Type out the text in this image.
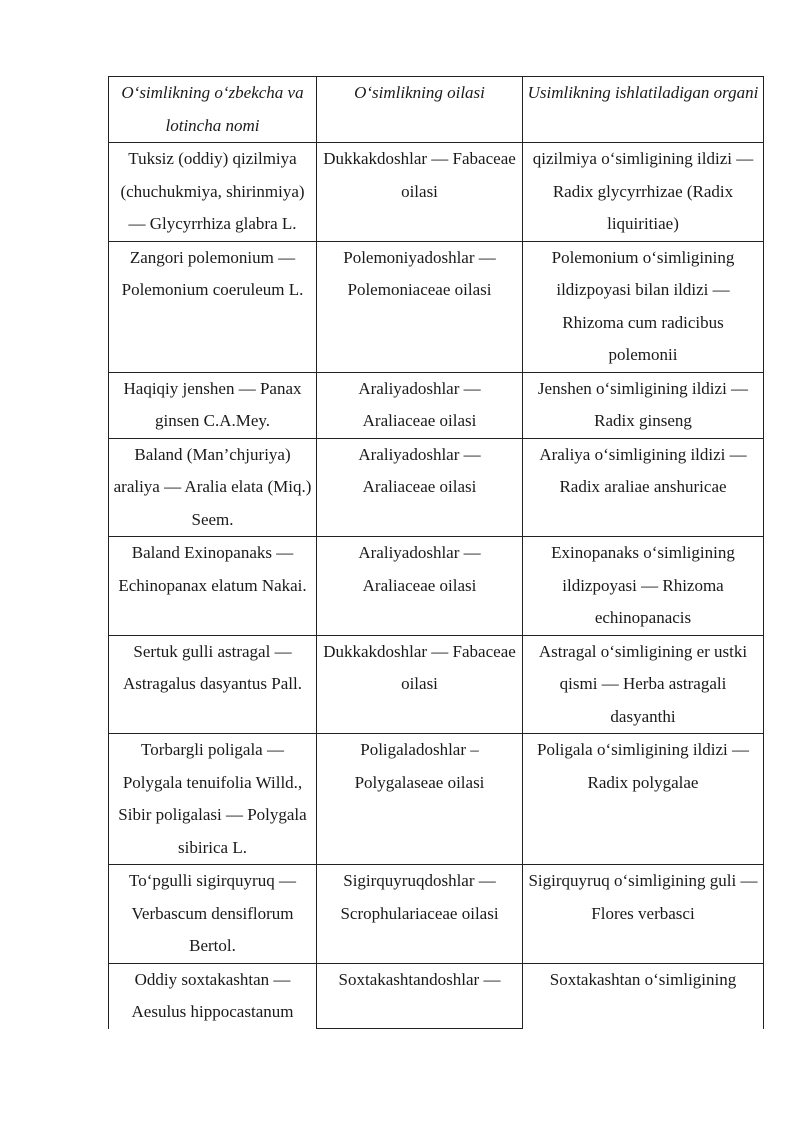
O‘simlikning o‘zbekcha va lotincha nomi	O‘simlikning oilasi	Usimlikning ishlatiladigan organi
Tuksiz (oddiy) qizilmiya (chuchukmiya, shirinmiya) — Glycyrrhiza glabra L.	Dukkakdoshlar — Fabaceae oilasi	qizilmiya o‘simligining ildizi — Radix glycyrrhizae (Radix liquiritiae)
Zangori polemonium — Polemonium coeruleum L.	Polemoniyadoshlar — Polemoniaceae oilasi	Polemonium o‘simligining ildizpoyasi bilan ildizi — Rhizoma cum radicibus polemonii
Haqiqiy jenshen — Panax ginsen C.A.Mey.	Araliyadoshlar — Araliaceae oilasi	Jenshen o‘simligining ildizi — Radix ginseng
Baland (Man’chjuriya) araliya — Aralia elata (Miq.) Seem.	Araliyadoshlar — Araliaceae oilasi	Araliya o‘simligining ildizi — Radix araliae anshuricae
Baland Exinopanaks — Echinopanax elatum Nakai.	Araliyadoshlar — Araliaceae oilasi	Exinopanaks o‘simligining ildizpoyasi — Rhizoma echinopanacis
Sertuk gulli astragal — Astragalus dasyantus Pall.	Dukkakdoshlar — Fabaceae oilasi	Astragal o‘simligining er ustki qismi — Herba astragali dasyanthi
Torbargli poligala — Polygala tenuifolia Willd., Sibir poligalasi — Polygala sibirica L.	Poligaladoshlar – Polygalaseae oilasi	Poligala o‘simligining ildizi — Radix polygalae
To‘pgulli sigirquyruq — Verbascum densiflorum Bertol.	Sigirquyruqdoshlar — Scrophulariaceae oilasi	Sigirquyruq o‘simligining guli — Flores verbasci
Oddiy soxtakashtan — Aesulus hippocastanum	Soxtakashtandoshlar —	Soxtakashtan o‘simligining
